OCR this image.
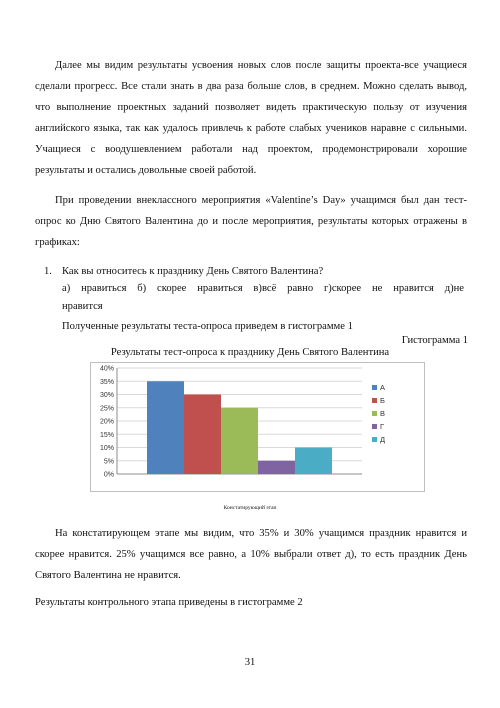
Далее мы видим результаты усвоения новых слов после защиты проекта-все учащиеся сделали прогресс. Все стали знать в два раза больше слов, в среднем. Можно сделать вывод, что выполнение проектных заданий позволяет видеть практическую пользу от изучения английского языка, так как удалось привлечь к работе слабых учеников наравне с сильными. Учащиеся с воодушевлением работали над проектом, продемонстрировали хорошие результаты и остались довольные своей работой.
При проведении внеклассного мероприятия «Valentine’s Day» учащимся был дан тест-опрос ко Дню Святого Валентина до и после мероприятия, результаты которых отражены в графиках:
1. Как вы относитесь к празднику День Святого Валентина?
а) нравиться б) скорее нравиться в)всё равно г)скорее не нравится д)не
нравится
Полученные результаты теста-опроса приведем в гистограмме 1
Гистограмма 1
Результаты тест-опроса к празднику День Святого Валентина
0%
5%
10%
15%
20%
25%
30%
35%
40%
А
Б
В
Г
Д
Констатирующий этап
На констатирующем этапе мы видим, что 35% и 30% учащимся праздник нравится и скорее нравится. 25% учащимся все равно, а 10% выбрали ответ д), то есть праздник День Святого Валентина не нравится.
Результаты контрольного этапа приведены в гистограмме 2
31
